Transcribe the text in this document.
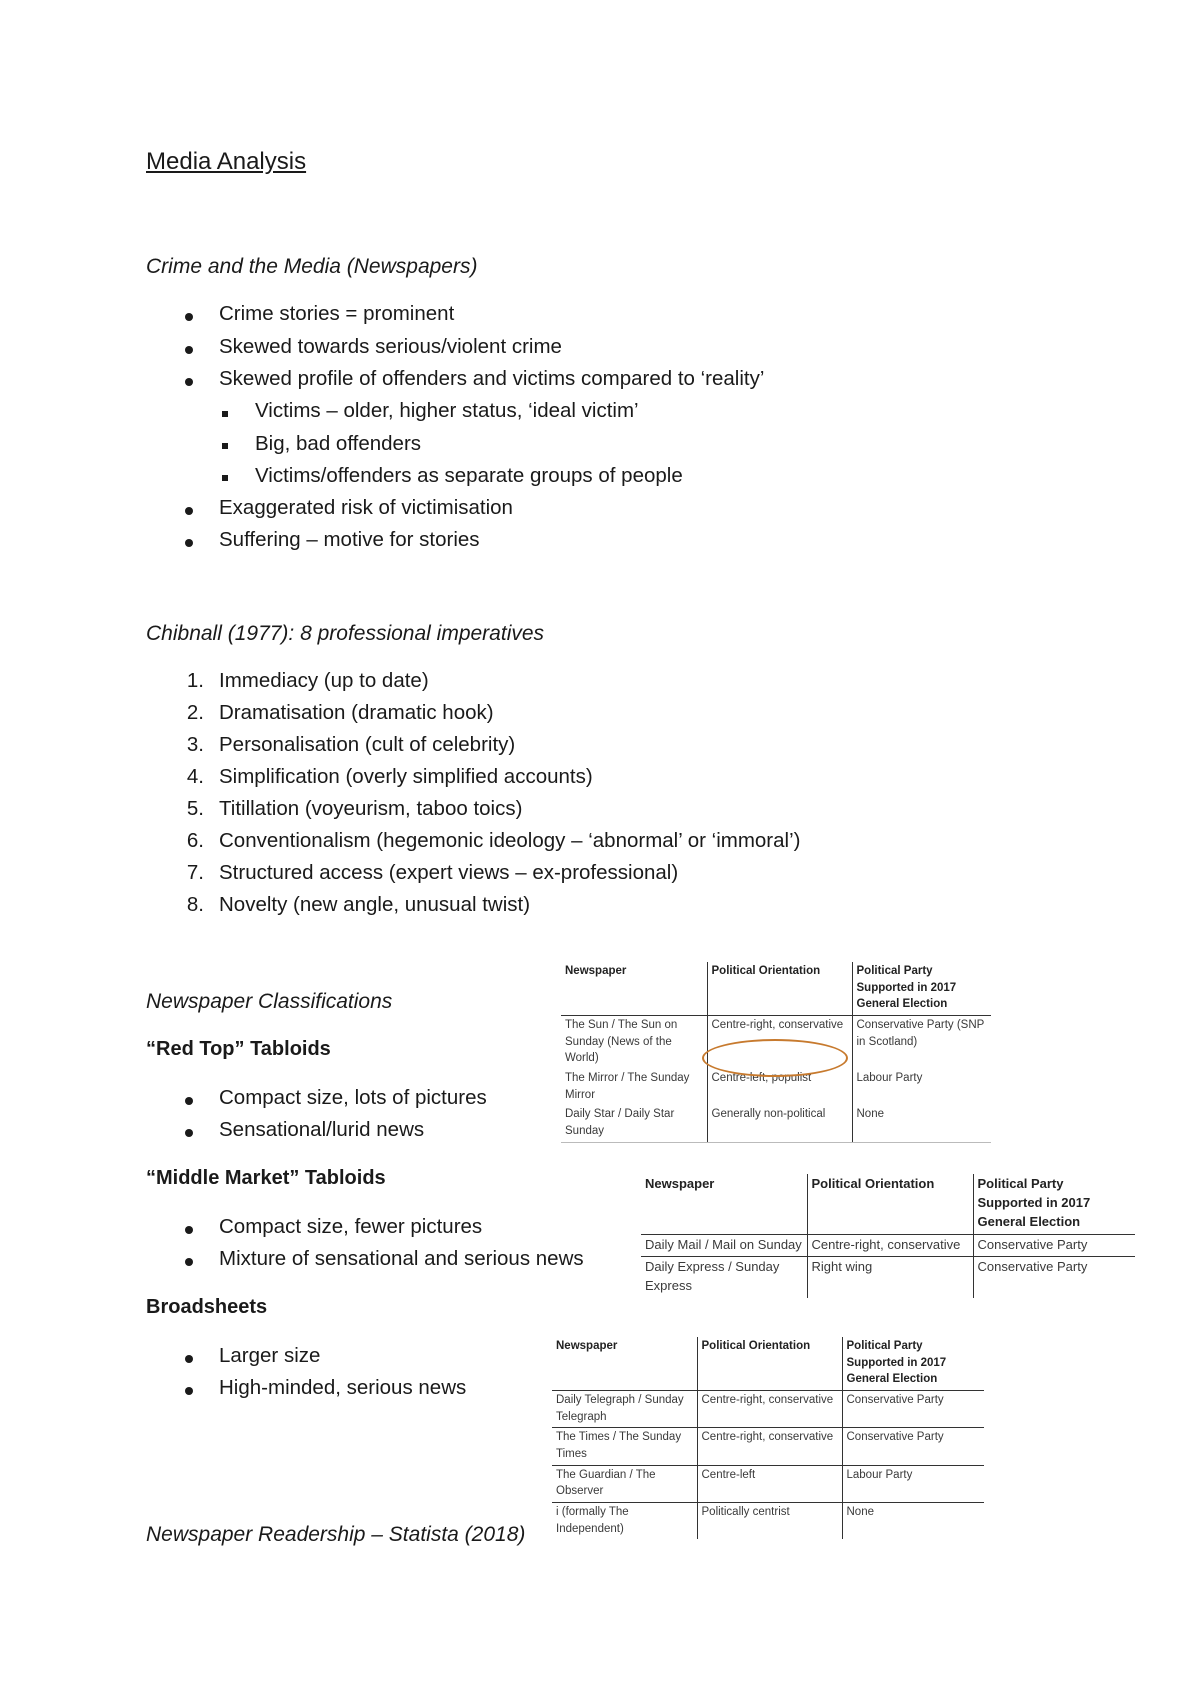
Media Analysis
Crime and the Media (Newspapers)
Crime stories = prominent
Skewed towards serious/violent crime
Skewed profile of offenders and victims compared to ‘reality’
Victims – older, higher status, ‘ideal victim’
Big, bad offenders
Victims/offenders as separate groups of people
Exaggerated risk of victimisation
Suffering – motive for stories
Chibnall (1977): 8 professional imperatives
1. Immediacy (up to date)
2. Dramatisation (dramatic hook)
3. Personalisation (cult of celebrity)
4. Simplification (overly simplified accounts)
5. Titillation (voyeurism, taboo toics)
6. Conventionalism (hegemonic ideology – ‘abnormal’ or ‘immoral’)
7. Structured access (expert views – ex-professional)
8. Novelty (new angle, unusual twist)
Newspaper Classifications
“Red Top” Tabloids
Compact size, lots of pictures
Sensational/lurid news
“Middle Market” Tabloids
Compact size, fewer pictures
Mixture of sensational and serious news
Broadsheets
Larger size
High-minded, serious news
Newspaper	Political Orientation	Political Party Supported in 2017 General Election
The Sun / The Sun on Sunday (News of the World)	Centre-right, conservative	Conservative Party (SNP in Scotland)
The Mirror / The Sunday Mirror	Centre-left, populist	Labour Party
Daily Star / Daily Star Sunday	Generally non-political	None
Newspaper	Political Orientation	Political Party Supported in 2017 General Election
Daily Mail / Mail on Sunday	Centre-right, conservative	Conservative Party
Daily Express / Sunday Express	Right wing	Conservative Party
Newspaper	Political Orientation	Political Party Supported in 2017 General Election
Daily Telegraph / Sunday Telegraph	Centre-right, conservative	Conservative Party
The Times / The Sunday Times	Centre-right, conservative	Conservative Party
The Guardian / The Observer	Centre-left	Labour Party
i (formally The Independent)	Politically centrist	None
Newspaper Readership – Statista (2018)
